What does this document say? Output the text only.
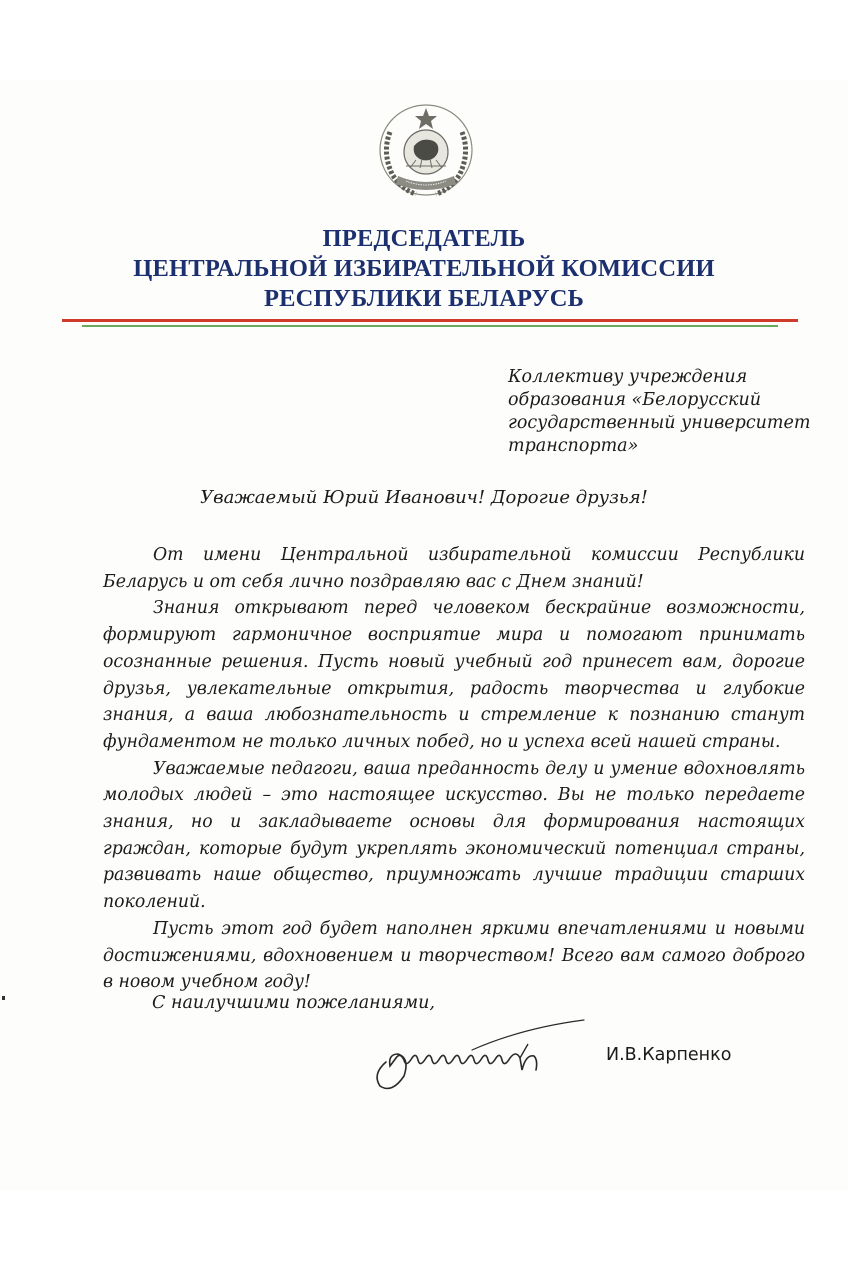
ПРЕДСЕДАТЕЛЬ
ЦЕНТРАЛЬНОЙ ИЗБИРАТЕЛЬНОЙ КОМИССИИ
РЕСПУБЛИКИ БЕЛАРУСЬ
Коллективу учреждения
образования «Белорусский
государственный университет
транспорта»
Уважаемый Юрий Иванович! Дорогие друзья!

От имени Центральной избирательной комиссии Республики Беларусь и от себя лично поздравляю вас с Днем знаний!

Знания открывают перед человеком бескрайние возможности, формируют гармоничное восприятие мира и помогают принимать осознанные решения. Пусть новый учебный год принесет вам, дорогие друзья, увлекательные открытия, радость творчества и глубокие знания, а ваша любознательность и стремление к познанию станут фундаментом не только личных побед, но и успеха всей нашей страны.

Уважаемые педагоги, ваша преданность делу и умение вдохновлять молодых людей – это настоящее искусство. Вы не только передаете знания, но и закладываете основы для формирования настоящих граждан, которые будут укреплять экономический потенциал страны, развивать наше общество, приумножать лучшие традиции старших поколений.

Пусть этот год будет наполнен яркими впечатлениями и новыми достижениями, вдохновением и творчеством! Всего вам самого доброго в новом учебном году!

С наилучшими пожеланиями,
И.В.Карпенко
